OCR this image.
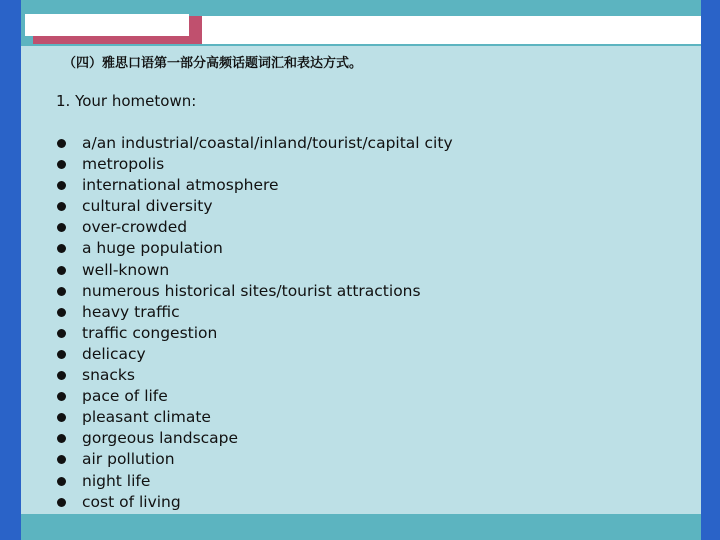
（四）雅思口语第一部分高频话题词汇和表达方式。
1. Your hometown:
a/an industrial/coastal/inland/tourist/capital city
metropolis
international atmosphere
cultural diversity
over-crowded
a huge population
well-known
numerous historical sites/tourist attractions
heavy traffic
traffic congestion
delicacy
snacks
pace of life
pleasant climate
gorgeous landscape
air pollution
night life
cost of living
